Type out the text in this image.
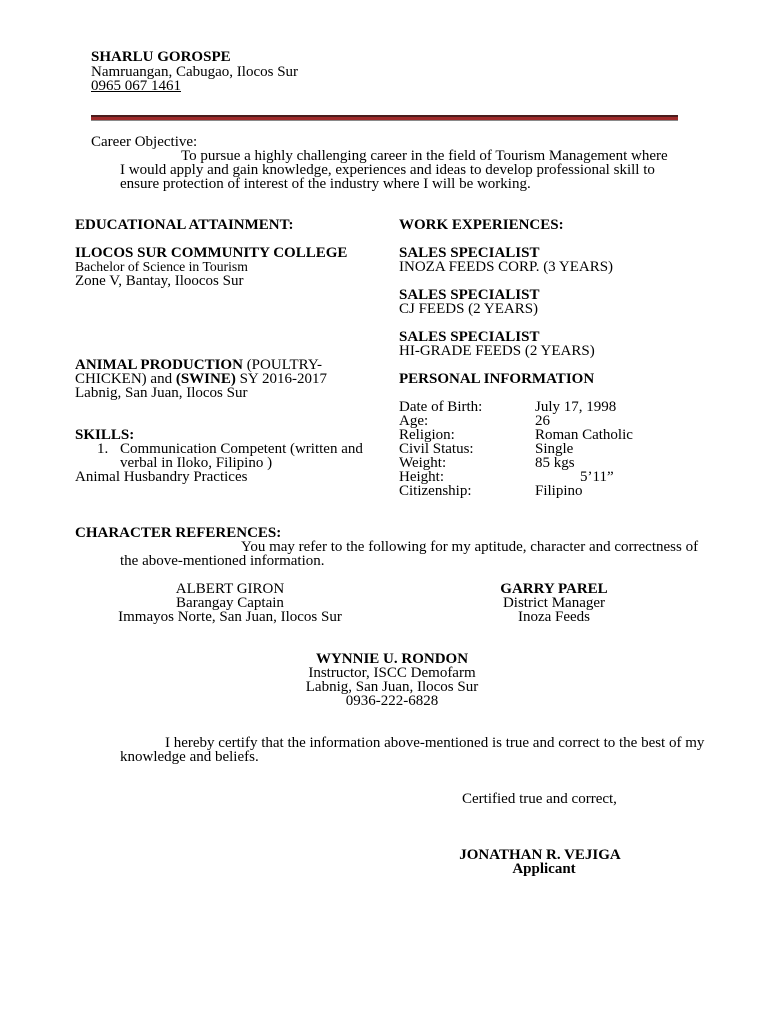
SHARLU GOROSPE
Namruangan, Cabugao, Ilocos Sur
0965 067 1461
Career Objective:
To pursue a highly challenging career in the field of Tourism Management where
I would apply and gain knowledge, experiences and ideas to develop professional skill to
ensure protection of interest of the industry where I will be working.
EDUCATIONAL ATTAINMENT:
ILOCOS SUR COMMUNITY COLLEGE
Bachelor of Science in Tourism
Zone V, Bantay, Iloocos Sur
ANIMAL PRODUCTION (POULTRY-
CHICKEN) and (SWINE) SY 2016-2017
Labnig, San Juan, Ilocos Sur
SKILLS:
1. Communication Competent (written and
verbal in Iloko, Filipino )
Animal Husbandry Practices
WORK EXPERIENCES:
SALES SPECIALIST
INOZA FEEDS CORP. (3 YEARS)
SALES SPECIALIST
CJ FEEDS (2 YEARS)
SALES SPECIALIST
HI-GRADE FEEDS (2 YEARS)
PERSONAL INFORMATION
Date of Birth:	July 17, 1998
Age:	26
Religion:	Roman Catholic
Civil Status:	Single
Weight:	85 kgs
Height:	5’11”
Citizenship:	Filipino
CHARACTER REFERENCES:
You may refer to the following for my aptitude, character and correctness of
the above-mentioned information.
ALBERT GIRON
Barangay Captain
Immayos Norte, San Juan, Ilocos Sur
GARRY PAREL
District Manager
Inoza Feeds
WYNNIE U. RONDON
Instructor, ISCC Demofarm
Labnig, San Juan, Ilocos Sur
0936-222-6828
I hereby certify that the information above-mentioned is true and correct to the best of my
knowledge and beliefs.
Certified true and correct,
JONATHAN R. VEJIGA
Applicant
